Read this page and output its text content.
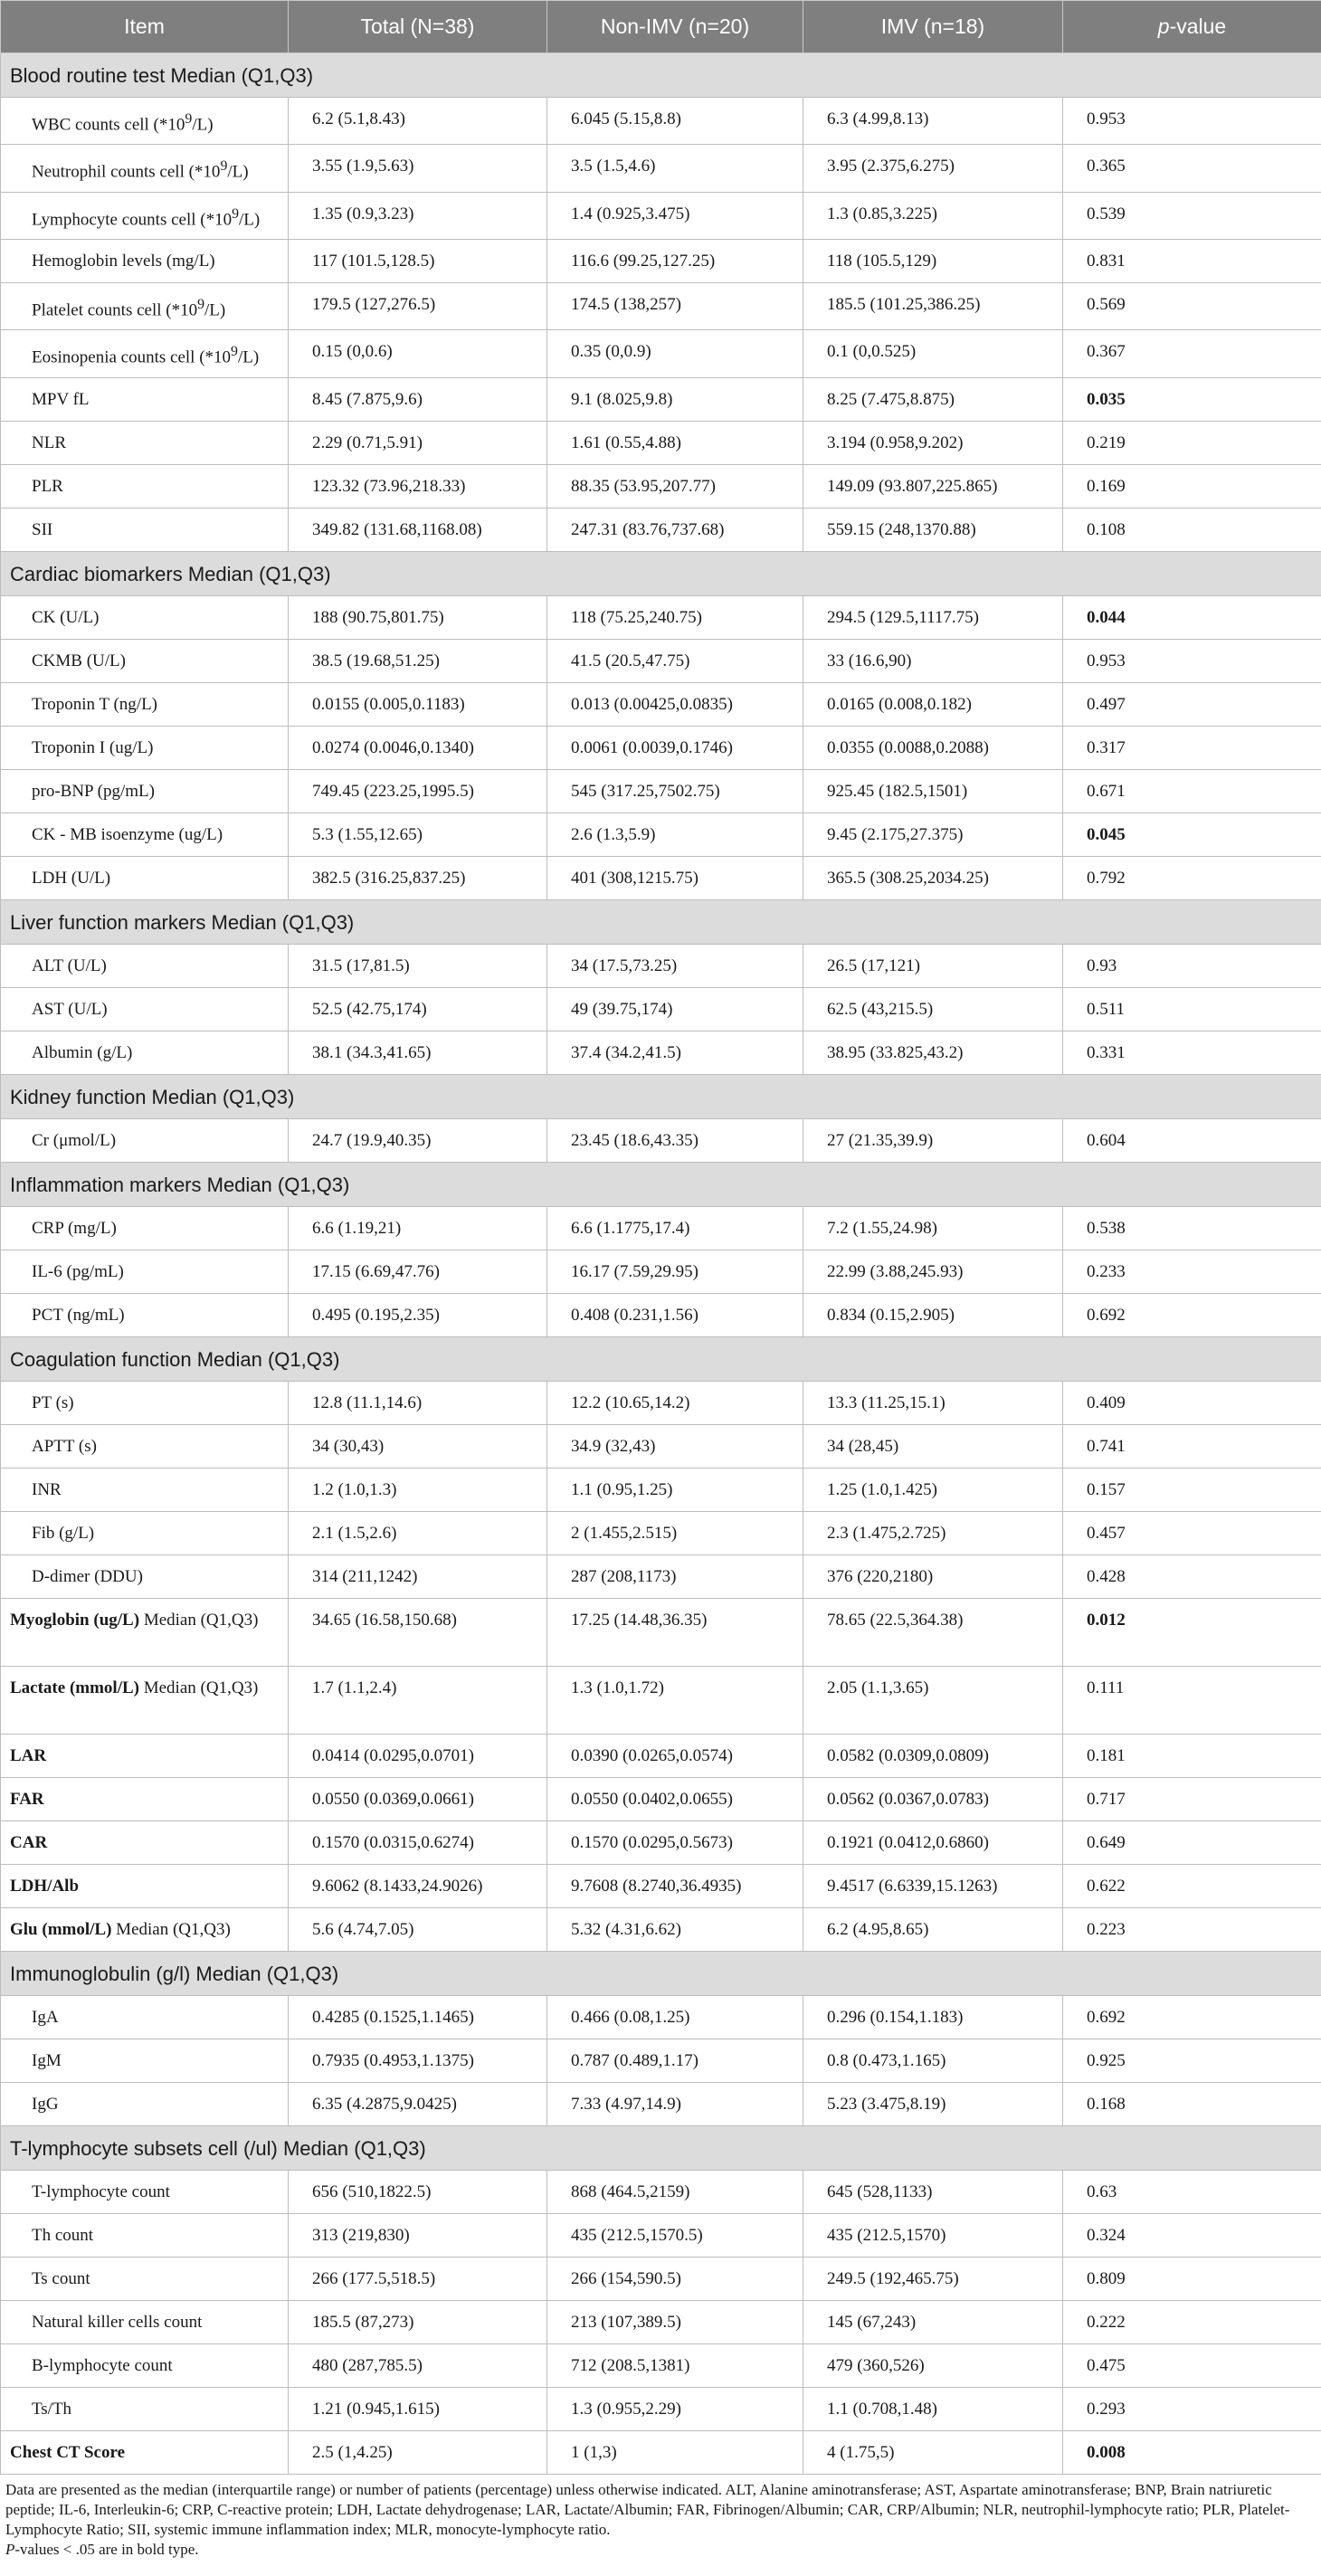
Item	Total (N=38)	Non-IMV (n=20)	IMV (n=18)	p-value
Blood routine test Median (Q1,Q3)				
WBC counts cell $(*10^9/L)$	6.2 (5.1,8.43)	6.045 (5.15,8.8)	6.3 (4.99,8.13)	0.953
Neutrophil counts cell $(*10^9/L)$	3.55 (1.9,5.63)	3.5 (1.5,4.6)	3.95 (2.375,6.275)	0.365
Lymphocyte counts cell $(*10^9/L)$	1.35 (0.9,3.23)	1.4 (0.925,3.475)	1.3 (0.85,3.225)	0.539
Hemoglobin levels (mg/L)	117 (101.5,128.5)	116.6 (99.25,127.25)	118 (105.5,129)	0.831
Platelet counts cell $(*10^9/L)$	179.5 (127,276.5)	174.5 (138,257)	185.5 (101.25,386.25)	0.569
Eosinopenia counts cell $(*10^9/L)$	0.15 (0,0.6)	0.35 (0,0.9)	0.1 (0,0.525)	0.367
MPV fL	8.45 (7.875,9.6)	9.1 (8.025,9.8)	8.25 (7.475,8.875)	0.035
NLR	2.29 (0.71,5.91)	1.61 (0.55,4.88)	3.194 (0.958,9.202)	0.219
PLR	123.32 (73.96,218.33)	88.35 (53.95,207.77)	149.09 (93.807,225.865)	0.169
SII	349.82 (131.68,1168.08)	247.31 (83.76,737.68)	559.15 (248,1370.88)	0.108
Cardiac biomarkers Median (Q1,Q3)				
CK (U/L)	188 (90.75,801.75)	118 (75.25,240.75)	294.5 (129.5,1117.75)	0.044
CKMB (U/L)	38.5 (19.68,51.25)	41.5 (20.5,47.75)	33 (16.6,90)	0.953
Troponin T (ng/L)	0.0155 (0.005,0.1183)	0.013 (0.00425,0.0835)	0.0165 (0.008,0.182)	0.497
Troponin I (ug/L)	0.0274 (0.0046,0.1340)	0.0061 (0.0039,0.1746)	0.0355 (0.0088,0.2088)	0.317
pro-BNP (pg/mL)	749.45 (223.25,1995.5)	545 (317.25,7502.75)	925.45 (182.5,1501)	0.671
CK - MB isoenzyme (ug/L)	5.3 (1.55,12.65)	2.6 (1.3,5.9)	9.45 (2.175,27.375)	0.045
LDH (U/L)	382.5 (316.25,837.25)	401 (308,1215.75)	365.5 (308.25,2034.25)	0.792
Liver function markers Median (Q1,Q3)				
ALT (U/L)	31.5 (17,81.5)	34 (17.5,73.25)	26.5 (17,121)	0.93
AST (U/L)	52.5 (42.75,174)	49 (39.75,174)	62.5 (43,215.5)	0.511
Albumin (g/L)	38.1 (34.3,41.65)	37.4 (34.2,41.5)	38.95 (33.825,43.2)	0.331
Kidney function Median (Q1,Q3)				
Cr (μmol/L)	24.7 (19.9,40.35)	23.45 (18.6,43.35)	27 (21.35,39.9)	0.604
Inflammation markers Median (Q1,Q3)				
CRP (mg/L)	6.6 (1.19,21)	6.6 (1.1775,17.4)	7.2 (1.55,24.98)	0.538
IL-6 (pg/mL)	17.15 (6.69,47.76)	16.17 (7.59,29.95)	22.99 (3.88,245.93)	0.233
PCT (ng/mL)	0.495 (0.195,2.35)	0.408 (0.231,1.56)	0.834 (0.15,2.905)	0.692
Coagulation function Median (Q1,Q3)				
PT (s)	12.8 (11.1,14.6)	12.2 (10.65,14.2)	13.3 (11.25,15.1)	0.409
APTT (s)	34 (30,43)	34.9 (32,43)	34 (28,45)	0.741
INR	1.2 (1.0,1.3)	1.1 (0.95,1.25)	1.25 (1.0,1.425)	0.157
Fib (g/L)	2.1 (1.5,2.6)	2 (1.455,2.515)	2.3 (1.475,2.725)	0.457
D-dimer (DDU)	314 (211,1242)	287 (208,1173)	376 (220,2180)	0.428
Myoglobin (ug/L) Median (Q1,Q3)	34.65 (16.58,150.68)	17.25 (14.48,36.35)	78.65 (22.5,364.38)	0.012
Lactate (mmol/L) Median (Q1,Q3)	1.7 (1.1,2.4)	1.3 (1.0,1.72)	2.05 (1.1,3.65)	0.111
LAR	0.0414 (0.0295,0.0701)	0.0390 (0.0265,0.0574)	0.0582 (0.0309,0.0809)	0.181
FAR	0.0550 (0.0369,0.0661)	0.0550 (0.0402,0.0655)	0.0562 (0.0367,0.0783)	0.717
CAR	0.1570 (0.0315,0.6274)	0.1570 (0.0295,0.5673)	0.1921 (0.0412,0.6860)	0.649
LDH/Alb	9.6062 (8.1433,24.9026)	9.7608 (8.2740,36.4935)	9.4517 (6.6339,15.1263)	0.622
Glu (mmol/L) Median (Q1,Q3)	5.6 (4.74,7.05)	5.32 (4.31,6.62)	6.2 (4.95,8.65)	0.223
Immunoglobulin (g/l) Median (Q1,Q3)				
IgA	0.4285 (0.1525,1.1465)	0.466 (0.08,1.25)	0.296 (0.154,1.183)	0.692
IgM	0.7935 (0.4953,1.1375)	0.787 (0.489,1.17)	0.8 (0.473,1.165)	0.925
IgG	6.35 (4.2875,9.0425)	7.33 (4.97,14.9)	5.23 (3.475,8.19)	0.168
T-lymphocyte subsets cell (/ul) Median (Q1,Q3)				
T-lymphocyte count	656 (510,1822.5)	868 (464.5,2159)	645 (528,1133)	0.63
Th count	313 (219,830)	435 (212.5,1570.5)	435 (212.5,1570)	0.324
Ts count	266 (177.5,518.5)	266 (154,590.5)	249.5 (192,465.75)	0.809
Natural killer cells count	185.5 (87,273)	213 (107,389.5)	145 (67,243)	0.222
B-lymphocyte count	480 (287,785.5)	712 (208.5,1381)	479 (360,526)	0.475
Ts/Th	1.21 (0.945,1.615)	1.3 (0.955,2.29)	1.1 (0.708,1.48)	0.293
Chest CT Score	2.5 (1,4.25)	1 (1,3)	4 (1.75,5)	0.008
Data are presented as the median (interquartile range) or number of patients (percentage) unless otherwise indicated. ALT, Alanine aminotransferase; AST, Aspartate aminotransferase; BNP, Brain natriuretic peptide; IL-6, Interleukin-6; CRP, C-reactive protein; LDH, Lactate dehydrogenase; LAR, Lactate/Albumin; FAR, Fibrinogen/Albumin; CAR, CRP/Albumin; NLR, neutrophil-lymphocyte ratio; PLR, Platelet-Lymphocyte Ratio; SII, systemic immune inflammation index; MLR, monocyte-lymphocyte ratio.
P-values < .05 are in bold type.
